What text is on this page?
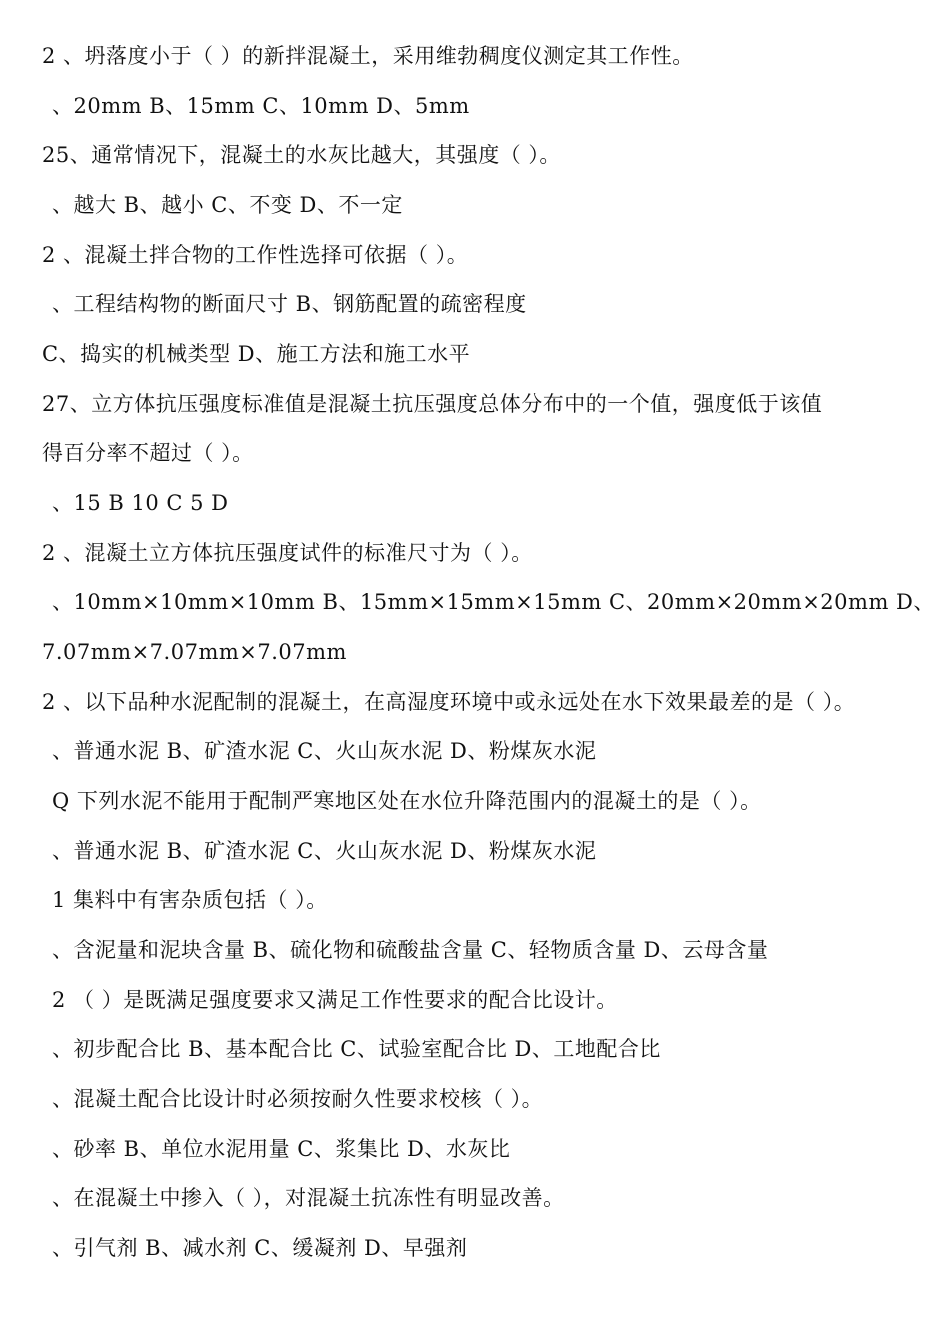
2 、坍落度小于（ ）的新拌混凝土，采用维勃稠度仪测定其工作性。
、20mm B、15mm C、10mm D、5mm
25、通常情况下，混凝土的水灰比越大，其强度（ ）。
、越大 B、越小 C、不变 D、不一定
2 、混凝土拌合物的工作性选择可依据（ ）。
、工程结构物的断面尺寸 B、钢筋配置的疏密程度
C、捣实的机械类型 D、施工方法和施工水平
27、立方体抗压强度标准值是混凝土抗压强度总体分布中的一个值，强度低于该值
得百分率不超过（ ）。
、15 B 10 C 5 D
2 、混凝土立方体抗压强度试件的标准尺寸为（ ）。
、10mm×10mm×10mm B、15mm×15mm×15mm C、20mm×20mm×20mm D、
7.07mm×7.07mm×7.07mm
2 、以下品种水泥配制的混凝土，在高湿度环境中或永远处在水下效果最差的是（ ）。
、普通水泥 B、矿渣水泥 C、火山灰水泥 D、粉煤灰水泥
Q 下列水泥不能用于配制严寒地区处在水位升降范围内的混凝土的是（ ）。
、普通水泥 B、矿渣水泥 C、火山灰水泥 D、粉煤灰水泥
1 集料中有害杂质包括（ ）。
、含泥量和泥块含量 B、硫化物和硫酸盐含量 C、轻物质含量 D、云母含量
2 （ ）是既满足强度要求又满足工作性要求的配合比设计。
、初步配合比 B、基本配合比 C、试验室配合比 D、工地配合比
、混凝土配合比设计时必须按耐久性要求校核（ ）。
、砂率 B、单位水泥用量 C、浆集比 D、水灰比
、在混凝土中掺入（ ），对混凝土抗冻性有明显改善。
、引气剂 B、减水剂 C、缓凝剂 D、早强剂
